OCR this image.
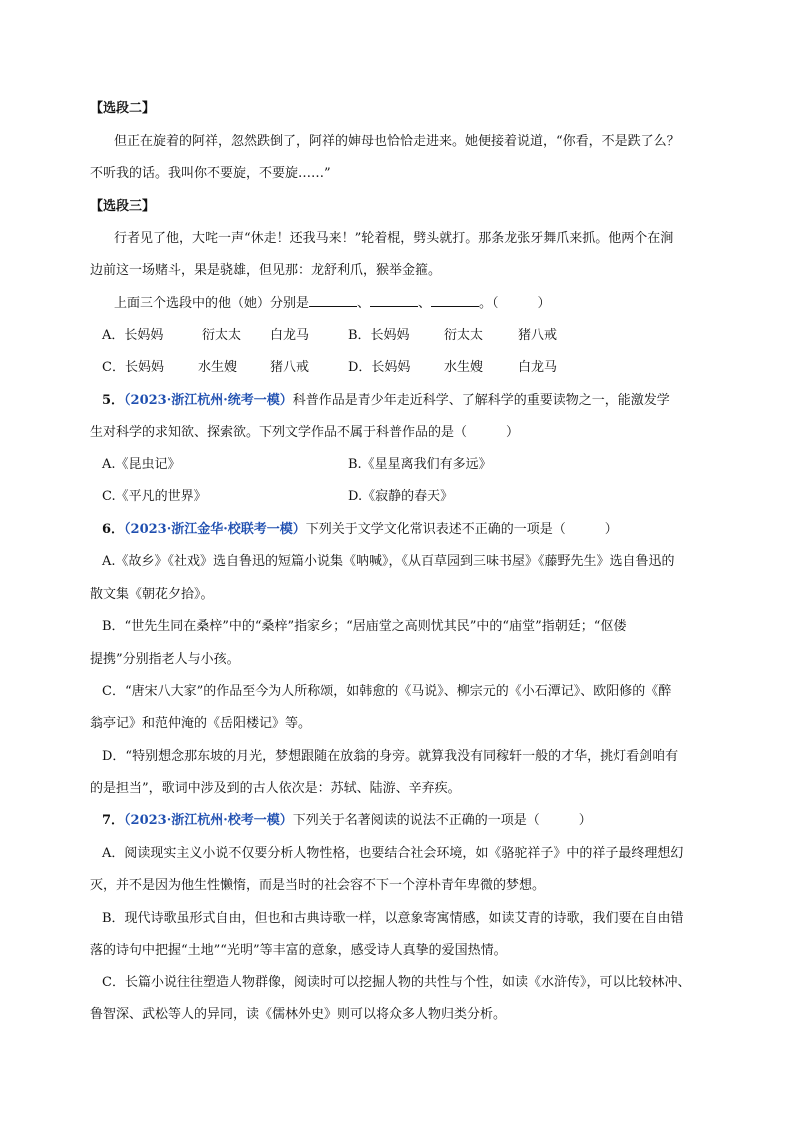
【选段二】
但正在旋着的阿祥，忽然跌倒了，阿祥的婶母也恰恰走进来。她便接着说道，“你看，不是跌了么？
不听我的话。我叫你不要旋，不要旋……”
【选段三】
行者见了他，大咤一声“休走！还我马来！”轮着棍，劈头就打。那条龙张牙舞爪来抓。他两个在涧
边前这一场赌斗，果是骁雄，但见那：龙舒利爪，猴举金箍。
上面三个选段中的他（她）分别是	、	、	。（　　　）
A．长妈妈	衍太太 白龙马	B．长妈妈	衍太太	猪八戒
C．长妈妈	水生嫂	猪八戒	D．长妈妈	水生嫂	白龙马
5．（2023·浙江杭州·统考一模）科普作品是青少年走近科学、了解科学的重要读物之一，能激发学
生对科学的求知欲、探索欲。下列文学作品不属于科普作品的是（　　　）
A.《昆虫记》	B.《星星离我们有多远》
C.《平凡的世界》	D.《寂静的春天》
6．（2023·浙江金华·校联考一模）下列关于文学文化常识表述不正确的一项是（　　　）
A.《故乡》《社戏》选自鲁迅的短篇小说集《呐喊》，《从百草园到三味书屋》《藤野先生》选自鲁迅的
散文集《朝花夕拾》。
B．“世先生同在桑梓”中的“桑梓”指家乡；“居庙堂之高则忧其民”中的“庙堂”指朝廷；“伛偻
提携”分别指老人与小孩。
C．“唐宋八大家”的作品至今为人所称颂，如韩愈的《马说》、柳宗元的《小石潭记》、欧阳修的《醉
翁亭记》和范仲淹的《岳阳楼记》等。
D．“特别想念那东坡的月光，梦想跟随在放翁的身旁。就算我没有同稼轩一般的才华，挑灯看剑咱有
的是担当”，歌词中涉及到的古人依次是：苏轼、陆游、辛弃疾。
7．（2023·浙江杭州·校考一模）下列关于名著阅读的说法不正确的一项是（　　　）
A．阅读现实主义小说不仅要分析人物性格，也要结合社会环境，如《骆驼祥子》中的祥子最终理想幻
灭，并不是因为他生性懒惰，而是当时的社会容不下一个淳朴青年卑微的梦想。
B．现代诗歌虽形式自由，但也和古典诗歌一样，以意象寄寓情感，如读艾青的诗歌，我们要在自由错
落的诗句中把握“土地”“光明”等丰富的意象，感受诗人真挚的爱国热情。
C．长篇小说往往塑造人物群像，阅读时可以挖掘人物的共性与个性，如读《水浒传》，可以比较林冲、
鲁智深、武松等人的异同，读《儒林外史》则可以将众多人物归类分析。
